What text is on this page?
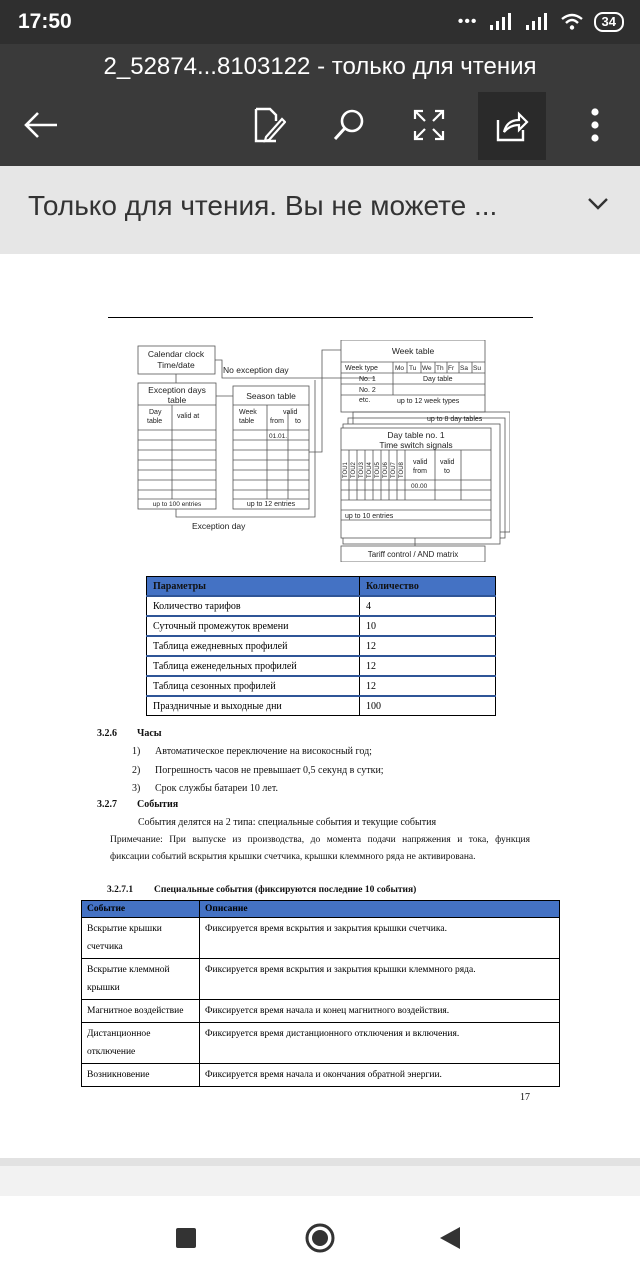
17:50	•••	34
2_52874...8103122 - только для чтения
Только для чтения. Вы не можете ...
Calendar clock
Time/date	No exception day
Exception days
table
Day
table
valid at
up to 100 entries
Exception day
Season table
Week
table
valid
from to
01.01.
up to 12 entries
Week table
Week type	Mo Tu We Th Fr Sa Su
No. 1
No. 2
etc.
Day table
up to 12 week types
up to 8 day tables
Day table no. 1
Time switch signals
TOU1 TOU2 TOU3 TOU4 TOU5 TOU6 TOU7 TOU8 valid
from
valid
to
00.00
up to 10 entries
Tariff control / AND matrix
Параметры	Количество
Количество тарифов	4
Суточный промежуток времени	10
Таблица ежедневных профилей	12
Таблица еженедельных профилей	12
Таблица сезонных профилей	12
Праздничные и выходные дни	100
3.2.6 Часы
1) Автоматическое переключение на високосный год;
2) Погрешность часов не превышает 0,5 секунд в сутки;
3) Срок службы батареи 10 лет.
3.2.7 События
События делятся на 2 типа: специальные события и текущие события
Примечание: При выпуске из производства, до момента подачи напряжения и тока, функция
фиксации событий вскрытия крышки счетчика, крышки клеммного ряда не активирована.
3.2.7.1 Специальные события (фиксируются последние 10 события)
Событие	Описание
Вскрытие крышки счетчика	Фиксируется время вскрытия и закрытия крышки счетчика.
Вскрытие клеммной крышки	Фиксируется время вскрытия и закрытия крышки клеммного ряда.
Магнитное воздействие	Фиксируется время начала и конец магнитного воздействия.
Дистанционное отключение	Фиксируется время дистанционного отключения и включения.
Возникновение	Фиксируется время начала и окончания обратной энергии.
17
